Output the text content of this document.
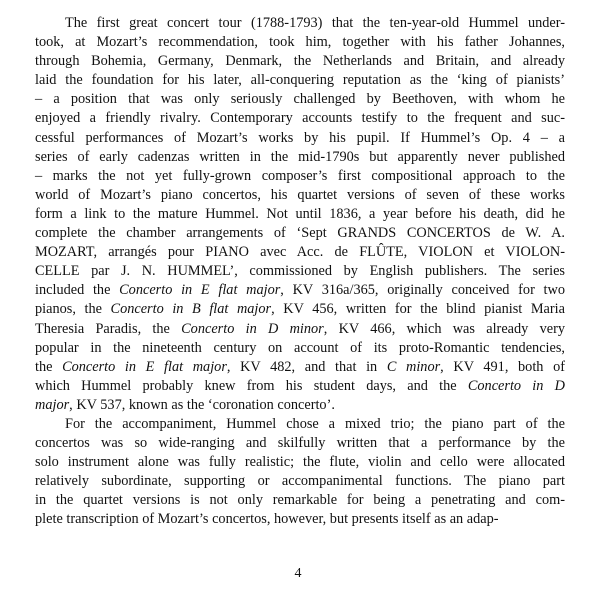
The first great concert tour (1788-1793) that the ten-year-old Hummel under-
took, at Mozart’s recommendation, took him, together with his father Johannes,
through Bohemia, Germany, Denmark, the Netherlands and Britain, and already
laid the foundation for his later, all-conquering reputation as the ‘king of pianists’
– a position that was only seriously challenged by Beethoven, with whom he
enjoyed a friendly rivalry. Contemporary accounts testify to the frequent and suc-
cessful performances of Mozart’s works by his pupil. If Hummel’s Op. 4 – a
series of early cadenzas written in the mid-1790s but apparently never published
– marks the not yet fully-grown composer’s first compositional approach to the
world of Mozart’s piano concertos, his quartet versions of seven of these works
form a link to the mature Hummel. Not until 1836, a year before his death, did he
complete the chamber arrangements of ‘Sept GRANDS CONCERTOS de W. A.
MOZART, arrangés pour PIANO avec Acc. de FLÛTE, VIOLON et VIOLON-
CELLE par J. N. HUMMEL’, commissioned by English publishers. The series
included the Concerto in E flat major, KV 316a/365, originally conceived for two
pianos, the Concerto in B flat major, KV 456, written for the blind pianist Maria
Theresia Paradis, the Concerto in D minor, KV 466, which was already very
popular in the nineteenth century on account of its proto-Romantic tendencies,
the Concerto in E flat major, KV 482, and that in C minor, KV 491, both of
which Hummel probably knew from his student days, and the Concerto in D
major, KV 537, known as the ‘coronation concerto’.
For the accompaniment, Hummel chose a mixed trio; the piano part of the
concertos was so wide-ranging and skilfully written that a performance by the
solo instrument alone was fully realistic; the flute, violin and cello were allocated
relatively subordinate, supporting or accompanimental functions. The piano part
in the quartet versions is not only remarkable for being a penetrating and com-
plete transcription of Mozart’s concertos, however, but presents itself as an adap-
4
